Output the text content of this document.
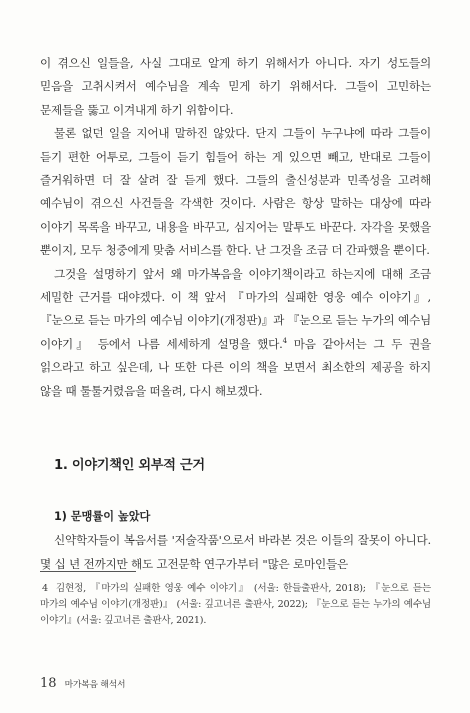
이 겪으신 일들을, 사실 그대로 알게 하기 위해서가 아니다. 자기 성도들의 믿음을 고취시켜서 예수님을 계속 믿게 하기 위해서다. 그들이 고민하는 문제들을 뚫고 이겨내게 하기 위함이다.

물론 없던 일을 지어내 말하진 않았다. 단지 그들이 누구냐에 따라 그들이 듣기 편한 어투로, 그들이 듣기 힘들어 하는 게 있으면 빼고, 반대로 그들이 즐거워하면 더 잘 살려 잘 듣게 했다. 그들의 출신성분과 민족성을 고려해 예수님이 겪으신 사건들을 각색한 것이다. 사람은 항상 말하는 대상에 따라 이야기 목록을 바꾸고, 내용을 바꾸고, 심지어는 말투도 바꾼다. 자각을 못했을 뿐이지, 모두 청중에게 맞춤 서비스를 한다. 난 그것을 조금 더 간파했을 뿐이다.

그것을 설명하기 앞서 왜 마가복음을 이야기책이라고 하는지에 대해 조금 세밀한 근거를 대야겠다. 이 책 앞서 『마가의 실패한 영웅 예수 이야기』, 『눈으로 듣는 마가의 예수님 이야기(개정판)』과 『눈으로 듣는 누가의 예수님 이야기』 등에서 나름 세세하게 설명을 했다.$^4$ 마음 같아서는 그 두 권을 읽으라고 하고 싶은데, 나 또한 다른 이의 책을 보면서 최소한의 제공을 하지 않을 때 툴툴거렸음을 떠올려, 다시 해보겠다.

1. 이야기책인 외부적 근거
1) 문맹률이 높았다

신약학자들이 복음서를 '저술작품'으로서 바라본 것은 이들의 잘못이 아니다. 몇 십 년 전까지만 해도 고전문학 연구가부터 "많은 로마인들은

4 김현정, 『마가의 실패한 영웅 예수 이야기』 (서울: 한들출판사, 2018); 『눈으로 듣는 마가의 예수님 이야기(개정판)』 (서울: 깊고너른 출판사, 2022); 『눈으로 듣는 누가의 예수님 이야기』(서울: 깊고너른 출판사, 2021).
18 마가복음 해석서
